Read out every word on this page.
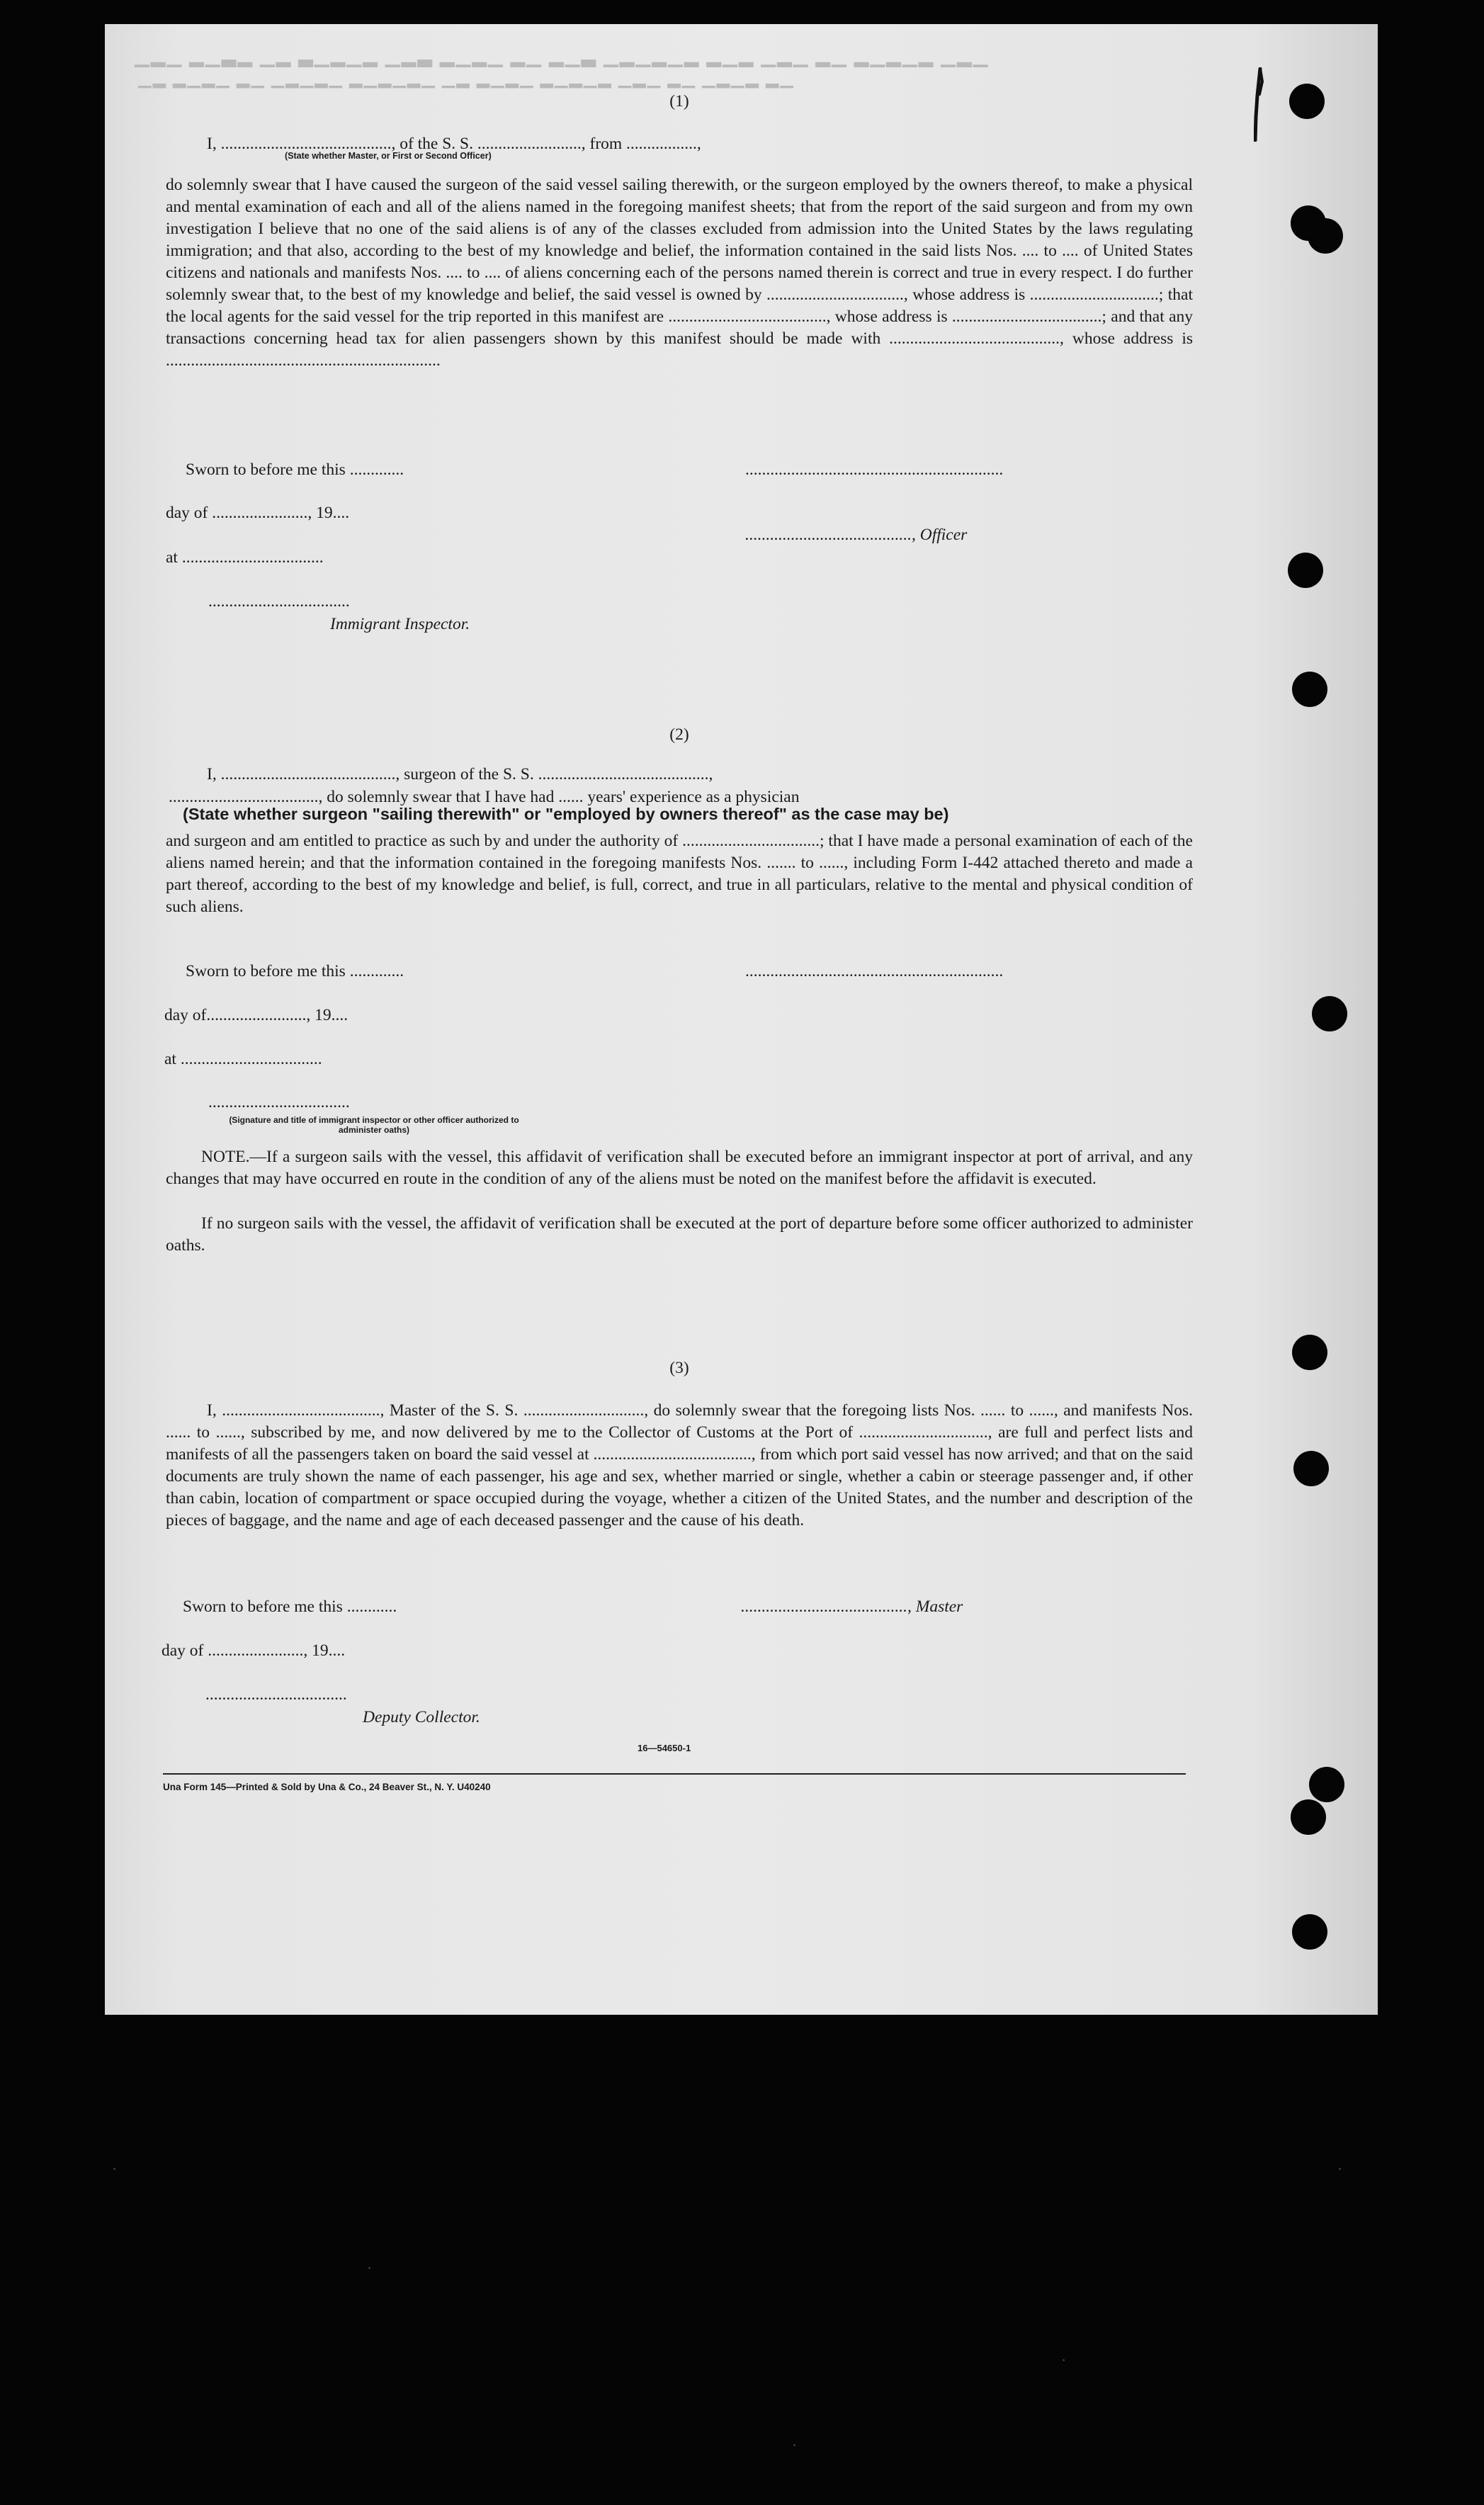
▁▂▁ ▂▁▃▂ ▁▂ ▃▁▂▁▂ ▁▂▃ ▂▁▂▁ ▂▁ ▂▁▃ ▁▂▁▂▁▂ ▂▁▂ ▁▂▁ ▂▁ ▂▁▂▁▂ ▁▂▁
▁▂ ▂▁▂▁ ▂▁ ▁▂▁▂▁ ▂▁▂▁▂▁ ▁▂ ▂▁▂▁ ▂▁▂▁▂ ▁▂▁ ▂▁ ▁▂▁▂ ▂▁
(1)
I, ........................................., of the S. S. ........................., from .................,
(State whether Master, or First or Second Officer)
do solemnly swear that I have caused the surgeon of the said vessel sailing therewith, or the surgeon employed by the owners thereof, to make a physical and mental examination of each and all of the aliens named in the foregoing manifest sheets; that from the report of the said surgeon and from my own investigation I believe that no one of the said aliens is of any of the classes excluded from admission into the United States by the laws regulating immigration; and that also, according to the best of my knowledge and belief, the information contained in the said lists Nos. .... to .... of United States citizens and nationals and manifests Nos. .... to .... of aliens concerning each of the persons named therein is correct and true in every respect. I do further solemnly swear that, to the best of my knowledge and belief, the said vessel is owned by ................................., whose address is ...............................; that the local agents for the said vessel for the trip reported in this manifest are ......................................, whose address is ....................................; and that any transactions concerning head tax for alien passengers shown by this manifest should be made with ........................................., whose address is ..................................................................
Sworn to before me this .............	..............................................................
day of ......................., 19....
........................................, Officer
at ..................................
..................................
Immigrant Inspector.
(2)
I, .........................................., surgeon of the S. S. .........................................,
...................................., do solemnly swear that I have had ...... years' experience as a physician
(State whether surgeon "sailing therewith" or "employed by owners thereof" as the case may be)
and surgeon and am entitled to practice as such by and under the authority of .................................; that I have made a personal examination of each of the aliens named herein; and that the information contained in the foregoing manifests Nos. ....... to ......, including Form I-442 attached thereto and made a part thereof, according to the best of my knowledge and belief, is full, correct, and true in all particulars, relative to the mental and physical condition of such aliens.
Sworn to before me this .............	..............................................................
day of........................, 19....
at ..................................
..................................
(Signature and title of immigrant inspector or other officer authorized to administer oaths)
NOTE.—If a surgeon sails with the vessel, this affidavit of verification shall be executed before an immigrant inspector at port of arrival, and any changes that may have occurred en route in the condition of any of the aliens must be noted on the manifest before the affidavit is executed.
If no surgeon sails with the vessel, the affidavit of verification shall be executed at the port of departure before some officer authorized to administer oaths.
(3)
I, ......................................, Master of the S. S. ............................., do solemnly swear that the foregoing lists Nos. ...... to ......, and manifests Nos. ...... to ......, subscribed by me, and now delivered by me to the Collector of Customs at the Port of ..............................., are full and perfect lists and manifests of all the passengers taken on board the said vessel at ......................................, from which port said vessel has now arrived; and that on the said documents are truly shown the name of each passenger, his age and sex, whether married or single, whether a cabin or steerage passenger and, if other than cabin, location of compartment or space occupied during the voyage, whether a citizen of the United States, and the number and description of the pieces of baggage, and the name and age of each deceased passenger and the cause of his death.
Sworn to before me this ............	........................................, Master
day of ......................., 19....
..................................
Deputy Collector.
16—54650-1
Una Form 145—Printed & Sold by Una & Co., 24 Beaver St., N. Y. U40240
